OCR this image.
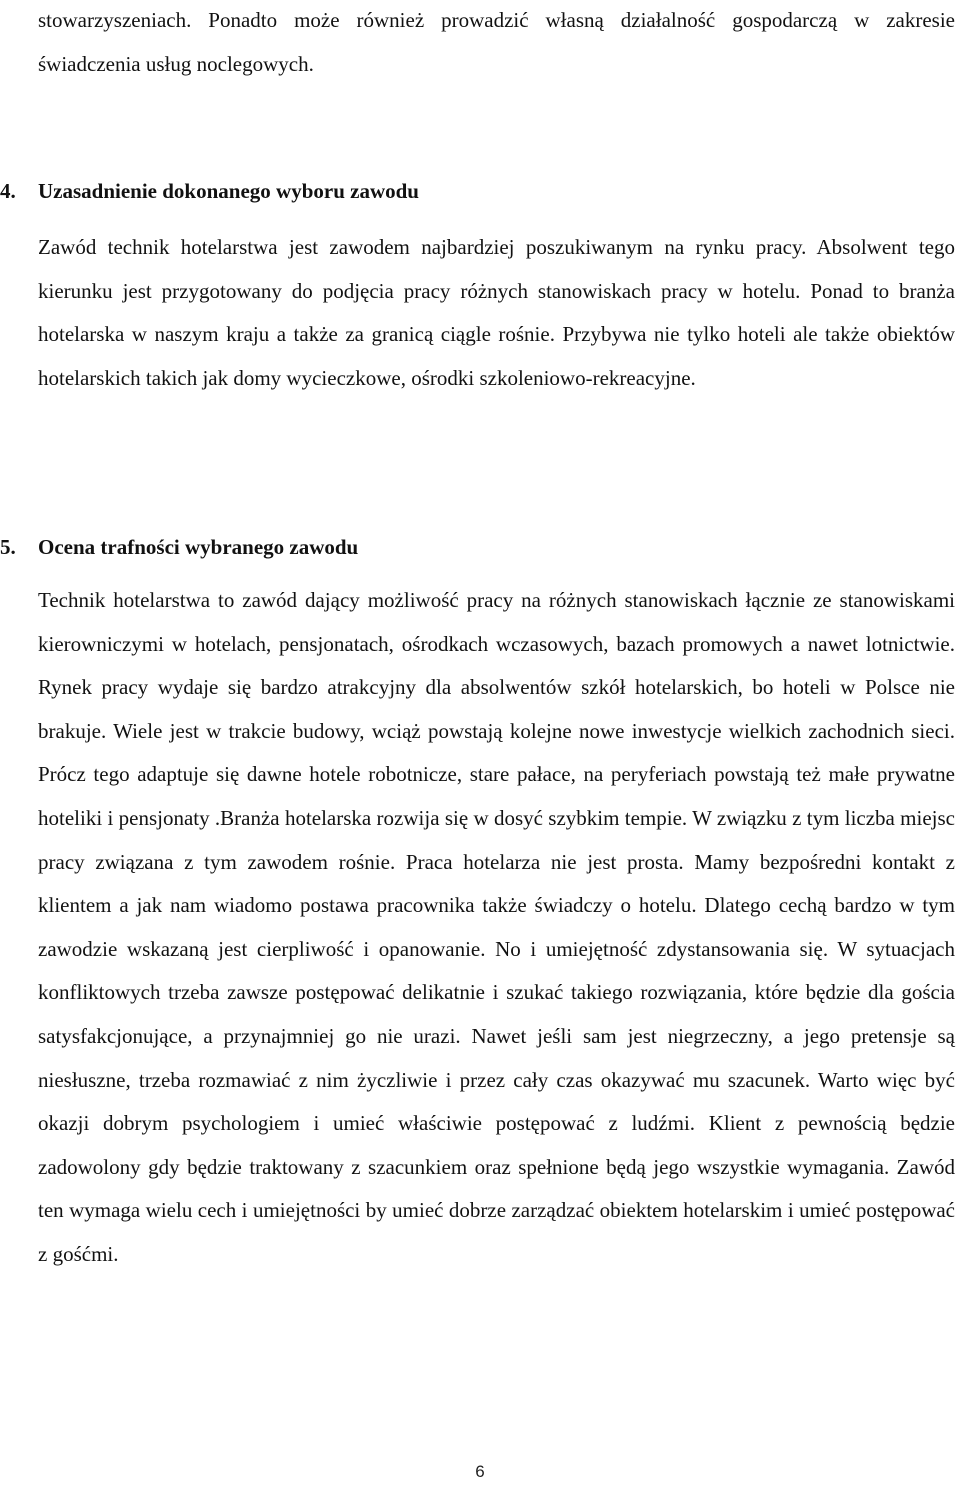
stowarzyszeniach. Ponadto może również prowadzić własną działalność gospodarczą w zakresie świadczenia usług noclegowych.

4. Uzasadnienie dokonanego wyboru zawodu

Zawód technik hotelarstwa jest zawodem najbardziej poszukiwanym na rynku pracy. Absolwent tego kierunku jest przygotowany do podjęcia pracy różnych stanowiskach pracy w hotelu. Ponad to branża hotelarska w naszym kraju a także za granicą ciągle rośnie. Przybywa nie tylko hoteli ale także obiektów hotelarskich takich jak domy wycieczkowe, ośrodki szkoleniowo-rekreacyjne.

5. Ocena trafności wybranego zawodu

Technik hotelarstwa to zawód dający możliwość pracy na różnych stanowiskach łącznie ze stanowiskami kierowniczymi w hotelach, pensjonatach, ośrodkach wczasowych, bazach promowych a nawet lotnictwie. Rynek pracy wydaje się bardzo atrakcyjny dla absolwentów szkół hotelarskich, bo hoteli w Polsce nie brakuje. Wiele jest w trakcie budowy, wciąż powstają kolejne nowe inwestycje wielkich zachodnich sieci. Prócz tego adaptuje się dawne hotele robotnicze, stare pałace, na peryferiach powstają też małe prywatne hoteliki i pensjonaty .Branża hotelarska rozwija się w dosyć szybkim tempie. W związku z tym liczba miejsc pracy związana z tym zawodem rośnie. Praca hotelarza nie jest prosta. Mamy bezpośredni kontakt z klientem a jak nam wiadomo postawa pracownika także świadczy o hotelu. Dlatego cechą bardzo w tym zawodzie wskazaną jest cierpliwość i opanowanie. No i umiejętność zdystansowania się. W sytuacjach konfliktowych trzeba zawsze postępować delikatnie i szukać takiego rozwiązania, które będzie dla gościa satysfakcjonujące, a przynajmniej go nie urazi. Nawet jeśli sam jest niegrzeczny, a jego pretensje są niesłuszne, trzeba rozmawiać z nim życzliwie i przez cały czas okazywać mu szacunek. Warto więc być okazji dobrym psychologiem i umieć właściwie postępować z ludźmi. Klient z pewnością będzie zadowolony gdy będzie traktowany z szacunkiem oraz spełnione będą jego wszystkie wymagania. Zawód ten wymaga wielu cech i umiejętności by umieć dobrze zarządzać obiektem hotelarskim i umieć postępować z gośćmi.

6
